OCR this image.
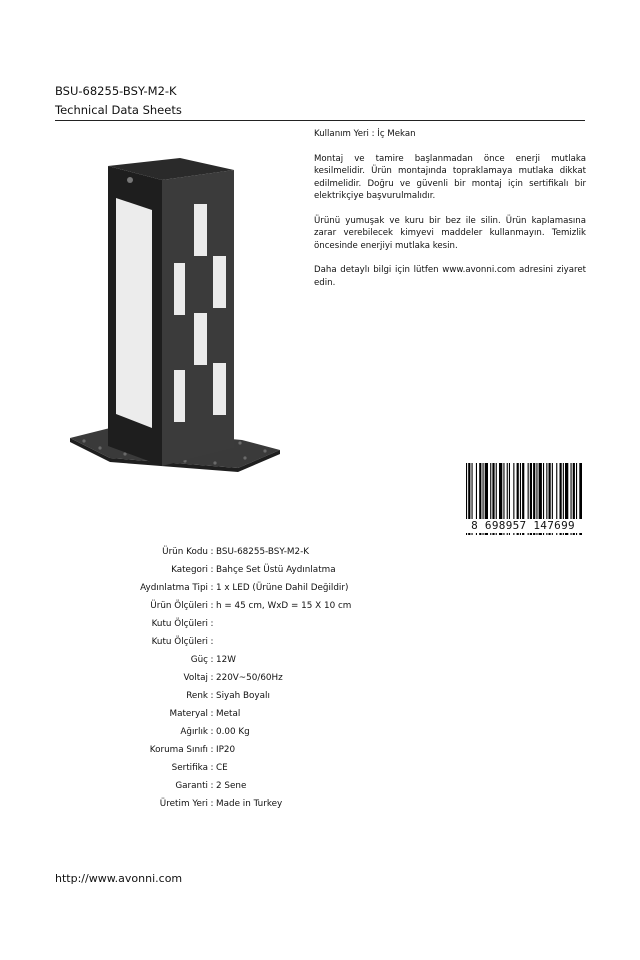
BSU-68255-BSY-M2-K
Technical Data Sheets

Kullanım Yeri : İç Mekan

Montaj ve tamire başlanmadan önce enerji mutlaka kesilmelidir. Ürün montajında topraklamaya mutlaka dikkat edilmelidir. Doğru ve güvenli bir montaj için sertifikalı bir elektrikçiye başvurulmalıdır.

Ürünü yumuşak ve kuru bir bez ile silin. Ürün kaplamasına zarar verebilecek kimyevi maddeler kullanmayın. Temizlik öncesinde enerjiyi mutlaka kesin.

Daha detaylı bilgi için lütfen www.avonni.com adresini ziyaret edin.

8 698957 147699
Ürün Kodu : BSU-68255-BSY-M2-K
Kategori : Bahçe Set Üstü Aydınlatma
Aydınlatma Tipi : 1 x LED (Ürüne Dahil Değildir)
Ürün Ölçüleri : h = 45 cm, WxD = 15 X 10 cm
Kutu Ölçüleri :
Kutu Ölçüleri :
Güç : 12W
Voltaj : 220V~50/60Hz
Renk : Siyah Boyalı
Materyal : Metal
Ağırlık : 0.00 Kg
Koruma Sınıfı : IP20
Sertifika : CE
Garanti : 2 Sene
Üretim Yeri : Made in Turkey
http://www.avonni.com
